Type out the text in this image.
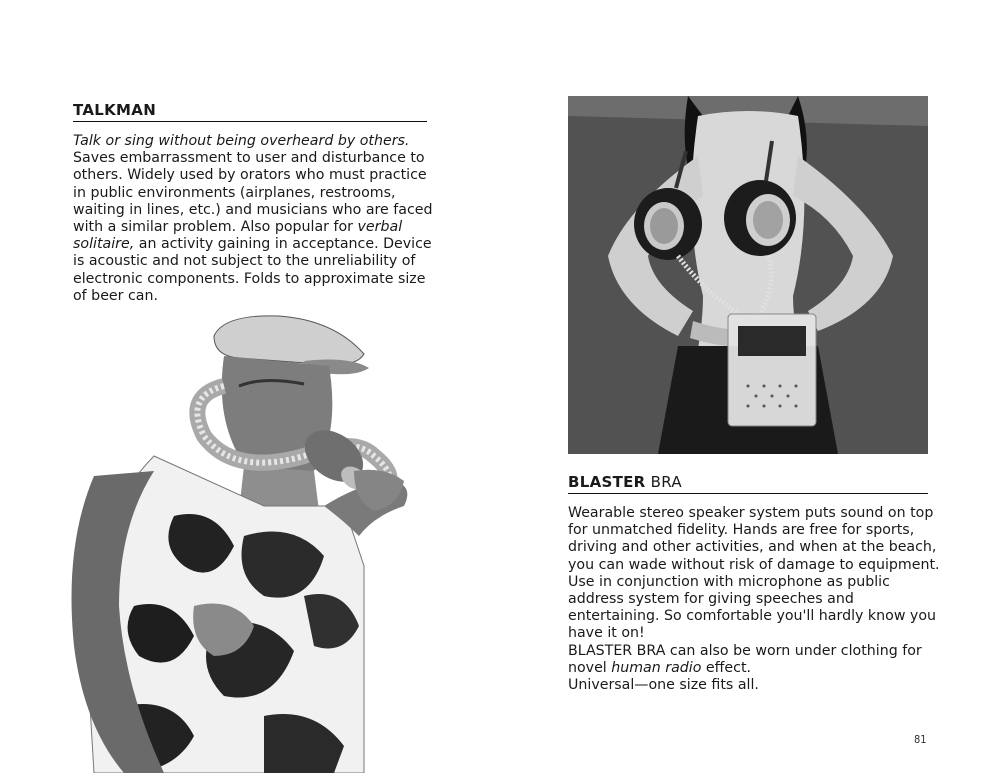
TALKMAN
Talk or sing without being overheard by others. Saves embarrassment to user and disturbance to others. Widely used by orators who must practice in public environments (airplanes, restrooms, waiting in lines, etc.) and musicians who are faced with a similar problem. Also popular for verbal solitaire, an activity gaining in acceptance. Device is acoustic and not subject to the unreliability of electronic components. Folds to approximate size of beer can.
BLASTER BRA

Wearable stereo speaker system puts sound on top for unmatched fidelity. Hands are free for sports, driving and other activities, and when at the beach, you can wade without risk of damage to equipment. Use in conjunction with microphone as public address system for giving speeches and entertaining. So comfortable you'll hardly know you have it on!

BLASTER BRA can also be worn under clothing for novel human radio effect.

Universal—one size fits all.

81
